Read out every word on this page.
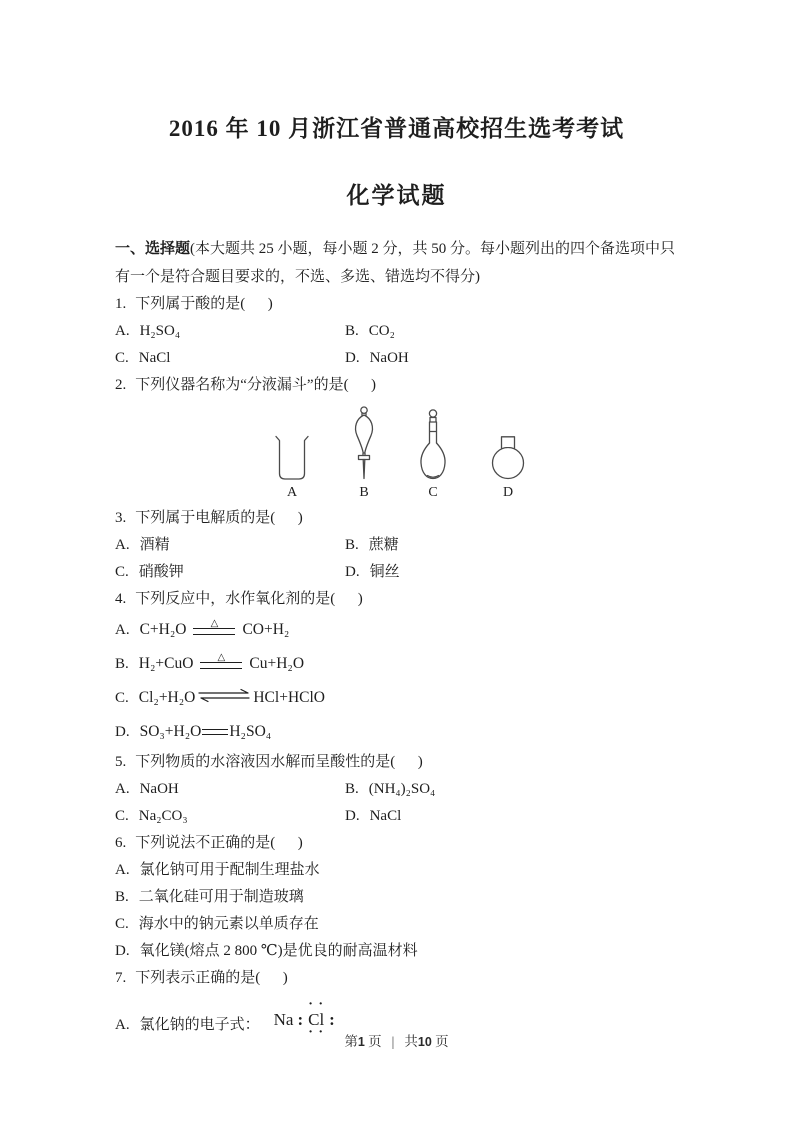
2016 年 10 月浙江省普通高校招生选考考试
化学试题

一、选择题(本大题共 25 小题，每小题 2 分，共 50 分。每小题列出的四个备选项中只有一个是符合题目要求的，不选、多选、错选均不得分)

1. 下列属于酸的是(      )
A. H₂SO₄	B. CO₂
C. NaCl	D. NaOH
2. 下列仪器名称为“分液漏斗”的是(      )
A	B	C	D
3. 下列属于电解质的是(      )
A. 酒精	B. 蔗糖
C. 硝酸钾	D. 铜丝
4. 下列反应中，水作氧化剂的是(      )
A. C+H₂O △ CO+H₂
B. H₂+CuO △ Cu+H₂O
C. Cl₂+H₂O ⇌ HCl+HClO
D. SO₃+H₂O H₂SO₄
5. 下列物质的水溶液因水解而呈酸性的是(      )
A. NaOH	B. (NH₄)₂SO₄
C. Na₂CO₃	D. NaCl
6. 下列说法不正确的是(      )
A. 氯化钠可用于配制生理盐水
B. 二氧化硅可用于制造玻璃
C. 海水中的钠元素以单质存在
D. 氧化镁(熔点 2 800 ℃)是优良的耐高温材料
7. 下列表示正确的是(      )
A. 氯化钠的电子式： Na :
· ·
Cl
· ·
:
第1 页 | 共10 页
